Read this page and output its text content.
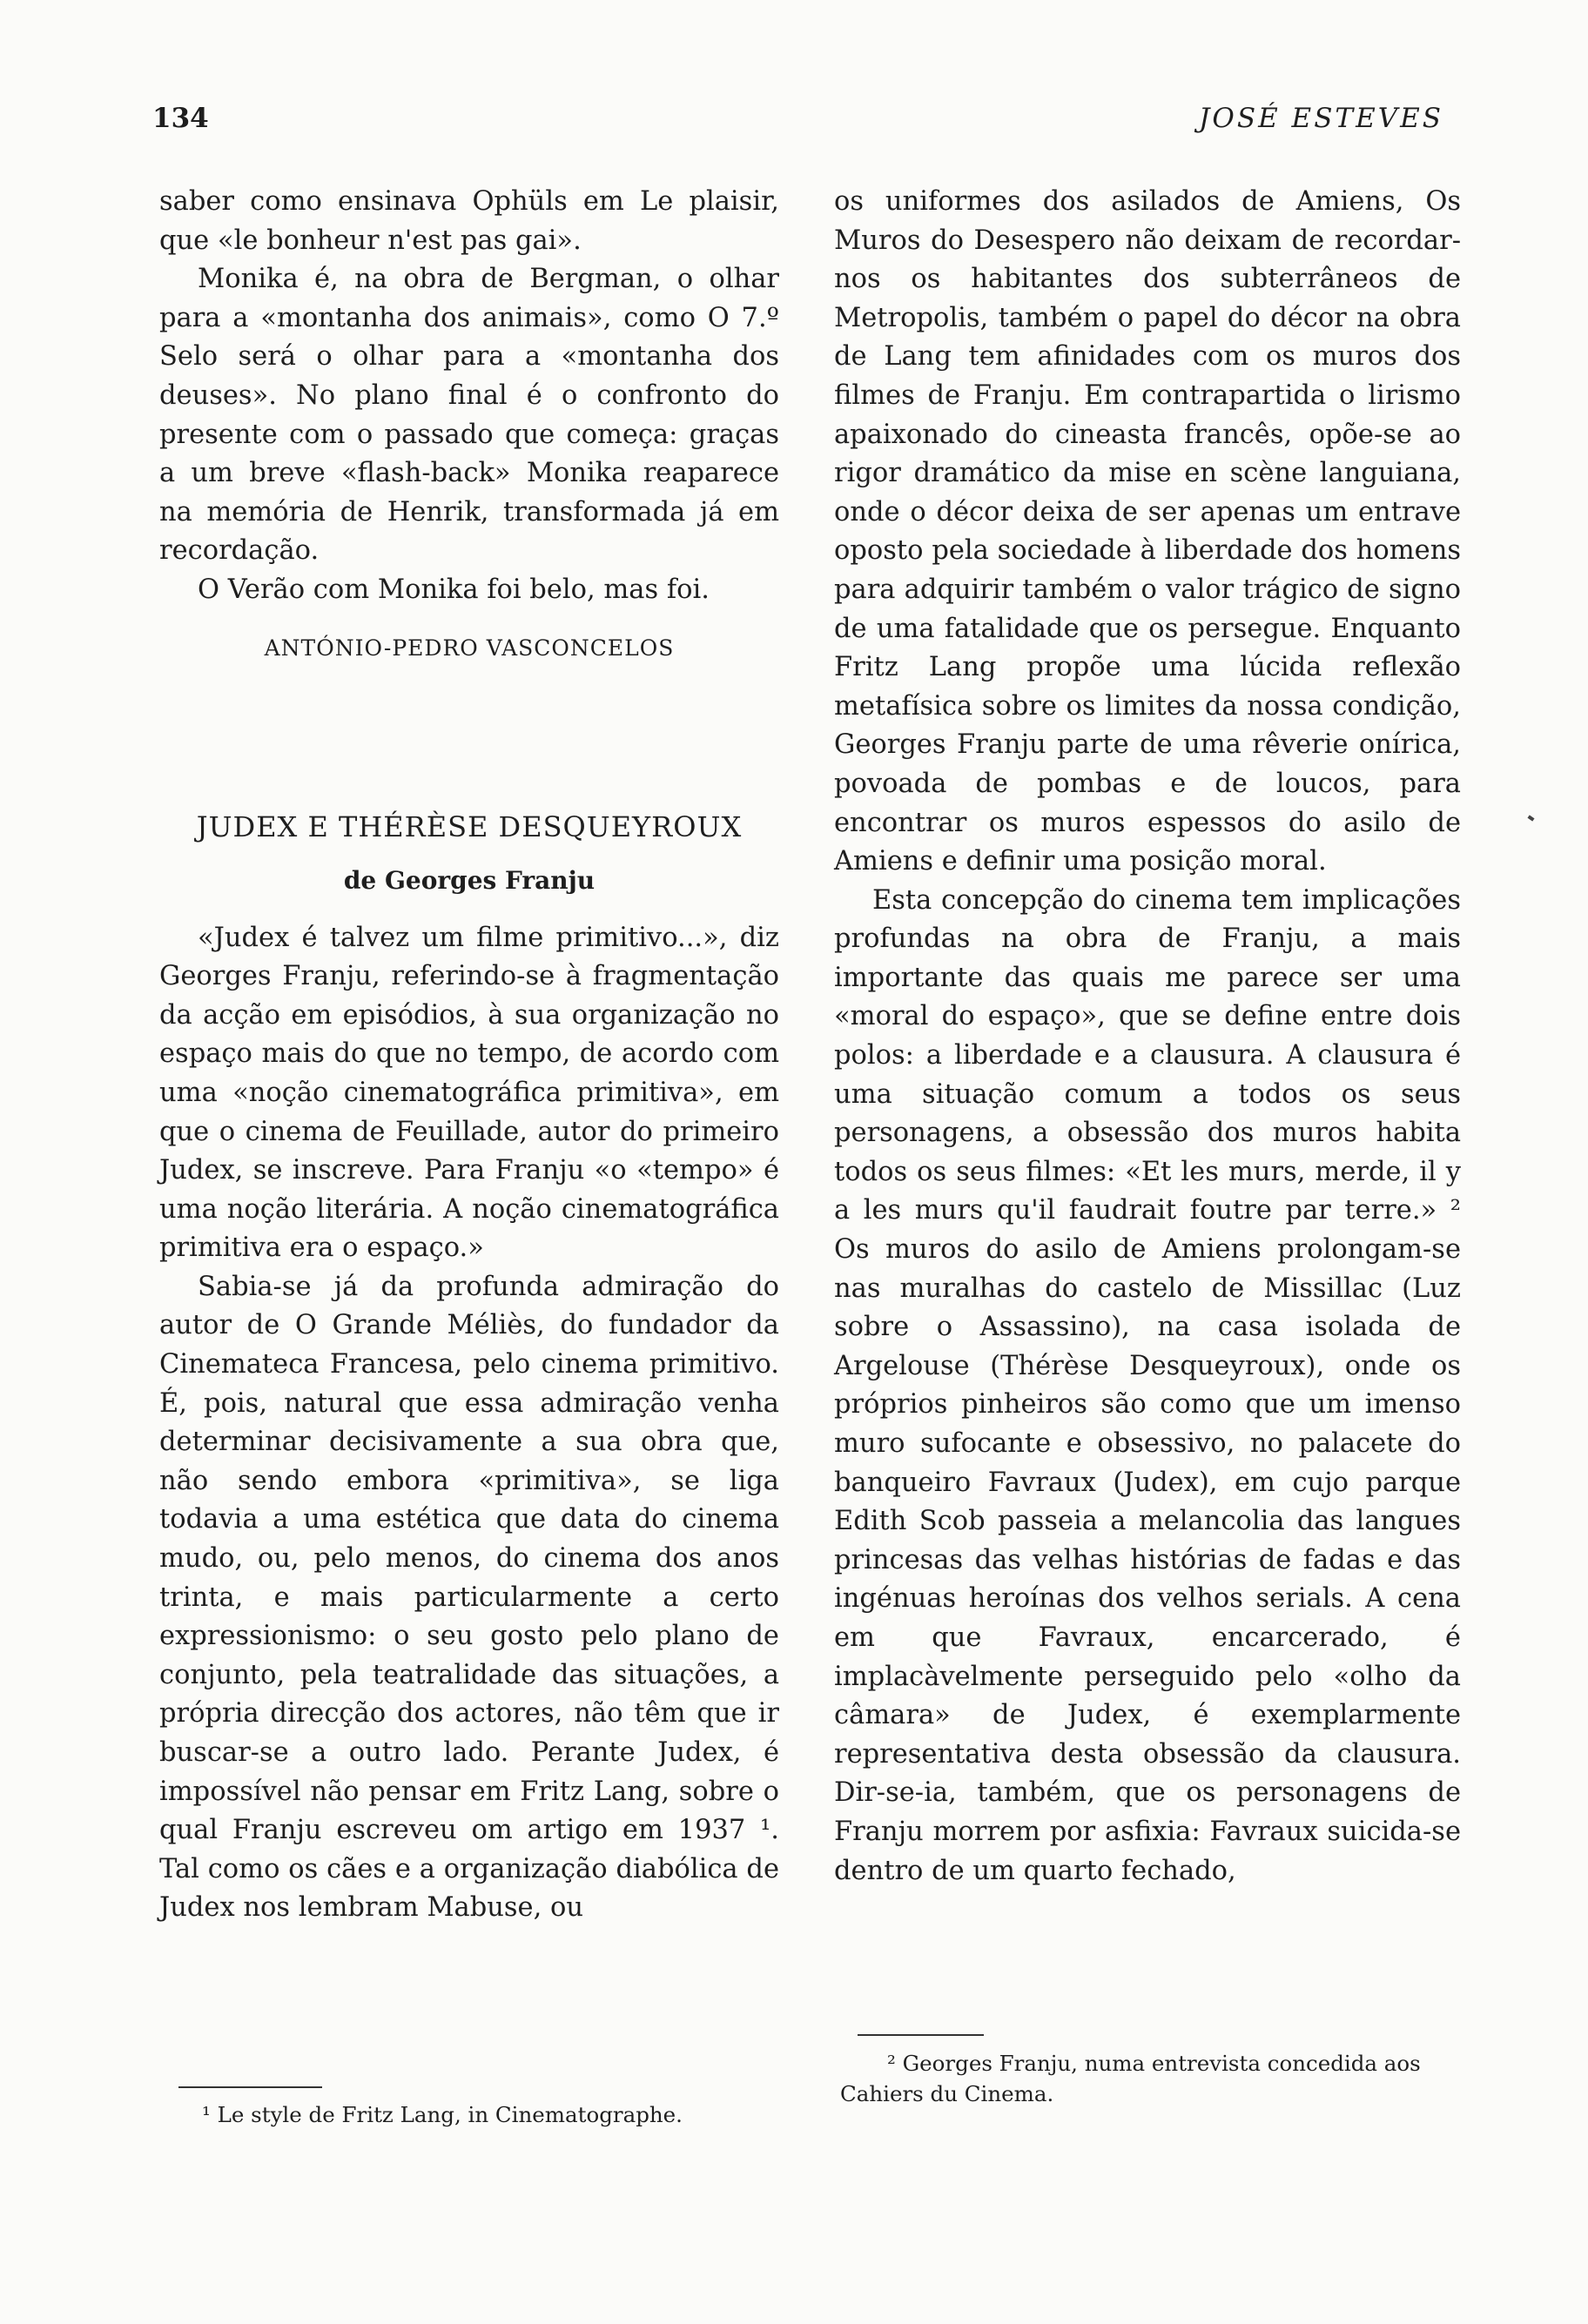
134	JOSÉ ESTEVES

saber como ensinava Ophüls em Le plaisir, que «le bonheur n'est pas gai».

Monika é, na obra de Bergman, o olhar para a «montanha dos animais», como O 7.º Selo será o olhar para a «montanha dos deuses». No plano final é o confronto do presente com o passado que começa: graças a um breve «flash-back» Monika reaparece na memória de Henrik, transformada já em recordação.

O Verão com Monika foi belo, mas foi.

ANTÓNIO-PEDRO VASCONCELOS
JUDEX E THÉRÈSE DESQUEYROUX
de Georges Franju

«Judex é talvez um filme primitivo...», diz Georges Franju, referindo-se à fragmentação da acção em episódios, à sua organização no espaço mais do que no tempo, de acordo com uma «noção cinematográfica primitiva», em que o cinema de Feuillade, autor do primeiro Judex, se inscreve. Para Franju «o «tempo» é uma noção literária. A noção cinematográfica primitiva era o espaço.»

Sabia-se já da profunda admiração do autor de O Grande Méliès, do fundador da Cinemateca Francesa, pelo cinema primitivo. É, pois, natural que essa admiração venha determinar decisivamente a sua obra que, não sendo embora «primitiva», se liga todavia a uma estética que data do cinema mudo, ou, pelo menos, do cinema dos anos trinta, e mais particularmente a certo expressionismo: o seu gosto pelo plano de conjunto, pela teatralidade das situações, a própria direcção dos actores, não têm que ir buscar-se a outro lado. Perante Judex, é impossível não pensar em Fritz Lang, sobre o qual Franju escreveu om artigo em 1937 ¹. Tal como os cães e a organização diabólica de Judex nos lembram Mabuse, ou

os uniformes dos asilados de Amiens, Os Muros do Desespero não deixam de recordar-nos os habitantes dos subterrâneos de Metropolis, também o papel do décor na obra de Lang tem afinidades com os muros dos filmes de Franju. Em contrapartida o lirismo apaixonado do cineasta francês, opõe-se ao rigor dramático da mise en scène languiana, onde o décor deixa de ser apenas um entrave oposto pela sociedade à liberdade dos homens para adquirir também o valor trágico de signo de uma fatalidade que os persegue. Enquanto Fritz Lang propõe uma lúcida reflexão metafísica sobre os limites da nossa condição, Georges Franju parte de uma rêverie onírica, povoada de pombas e de loucos, para encontrar os muros espessos do asilo de Amiens e definir uma posição moral.

Esta concepção do cinema tem implicações profundas na obra de Franju, a mais importante das quais me parece ser uma «moral do espaço», que se define entre dois polos: a liberdade e a clausura. A clausura é uma situação comum a todos os seus personagens, a obsessão dos muros habita todos os seus filmes: «Et les murs, merde, il y a les murs qu'il faudrait foutre par terre.» ² Os muros do asilo de Amiens prolongam-se nas muralhas do castelo de Missillac (Luz sobre o Assassino), na casa isolada de Argelouse (Thérèse Desqueyroux), onde os próprios pinheiros são como que um imenso muro sufocante e obsessivo, no palacete do banqueiro Favraux (Judex), em cujo parque Edith Scob passeia a melancolia das langues princesas das velhas histórias de fadas e das ingénuas heroínas dos velhos serials. A cena em que Favraux, encarcerado, é implacàvelmente perseguido pelo «olho da câmara» de Judex, é exemplarmente representativa desta obsessão da clausura. Dir-se-ia, também, que os personagens de Franju morrem por asfixia: Favraux suicida-se dentro de um quarto fechado,

¹ Le style de Fritz Lang, in Cinematographe.
² Georges Franju, numa entrevista concedida aos Cahiers du Cinema.
